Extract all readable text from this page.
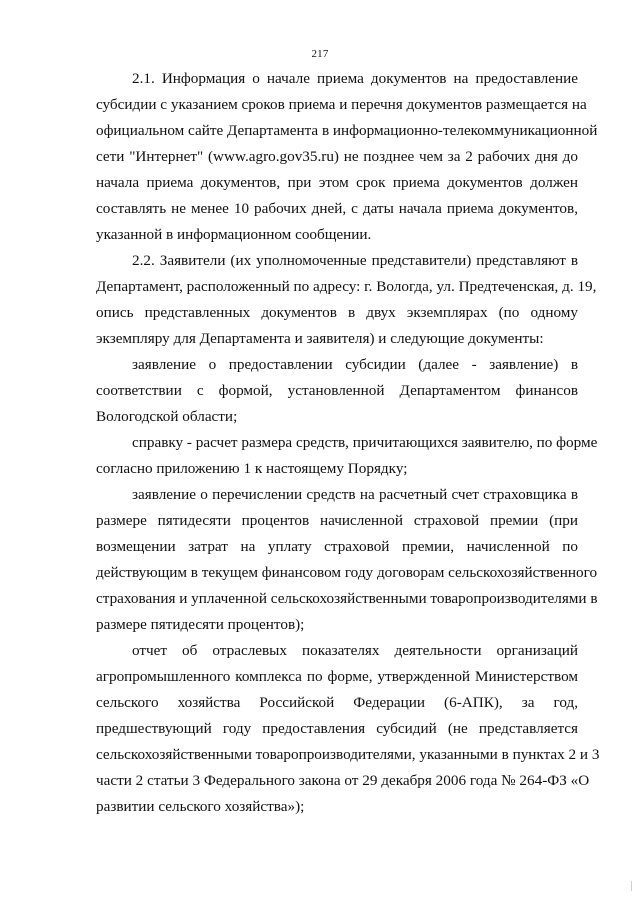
217
2.1. Информация о начале приема документов на предоставление
субсидии с указанием сроков приема и перечня документов размещается на
официальном сайте Департамента в информационно-телекоммуникационной
сети "Интернет" (www.agro.gov35.ru) не позднее чем за 2 рабочих дня до
начала приема документов, при этом срок приема документов должен
составлять не менее 10 рабочих дней, с даты начала приема документов,
указанной в информационном сообщении.
2.2. Заявители (их уполномоченные представители) представляют в
Департамент, расположенный по адресу: г. Вологда, ул. Предтеченская, д. 19,
опись представленных документов в двух экземплярах (по одному
экземпляру для Департамента и заявителя) и следующие документы:
заявление о предоставлении субсидии (далее - заявление) в
соответствии с формой, установленной Департаментом финансов
Вологодской области;
справку - расчет размера средств, причитающихся заявителю, по форме
согласно приложению 1 к настоящему Порядку;
заявление о перечислении средств на расчетный счет страховщика в
размере пятидесяти процентов начисленной страховой премии (при
возмещении затрат на уплату страховой премии, начисленной по
действующим в текущем финансовом году договорам сельскохозяйственного
страхования и уплаченной сельскохозяйственными товаропроизводителями в
размере пятидесяти процентов);
отчет об отраслевых показателях деятельности организаций
агропромышленного комплекса по форме, утвержденной Министерством
сельского хозяйства Российской Федерации (6-АПК), за год,
предшествующий году предоставления субсидий (не представляется
сельскохозяйственными товаропроизводителями, указанными в пунктах 2 и 3
части 2 статьи 3 Федерального закона от 29 декабря 2006 года № 264-ФЗ «О
развитии сельского хозяйства»);
